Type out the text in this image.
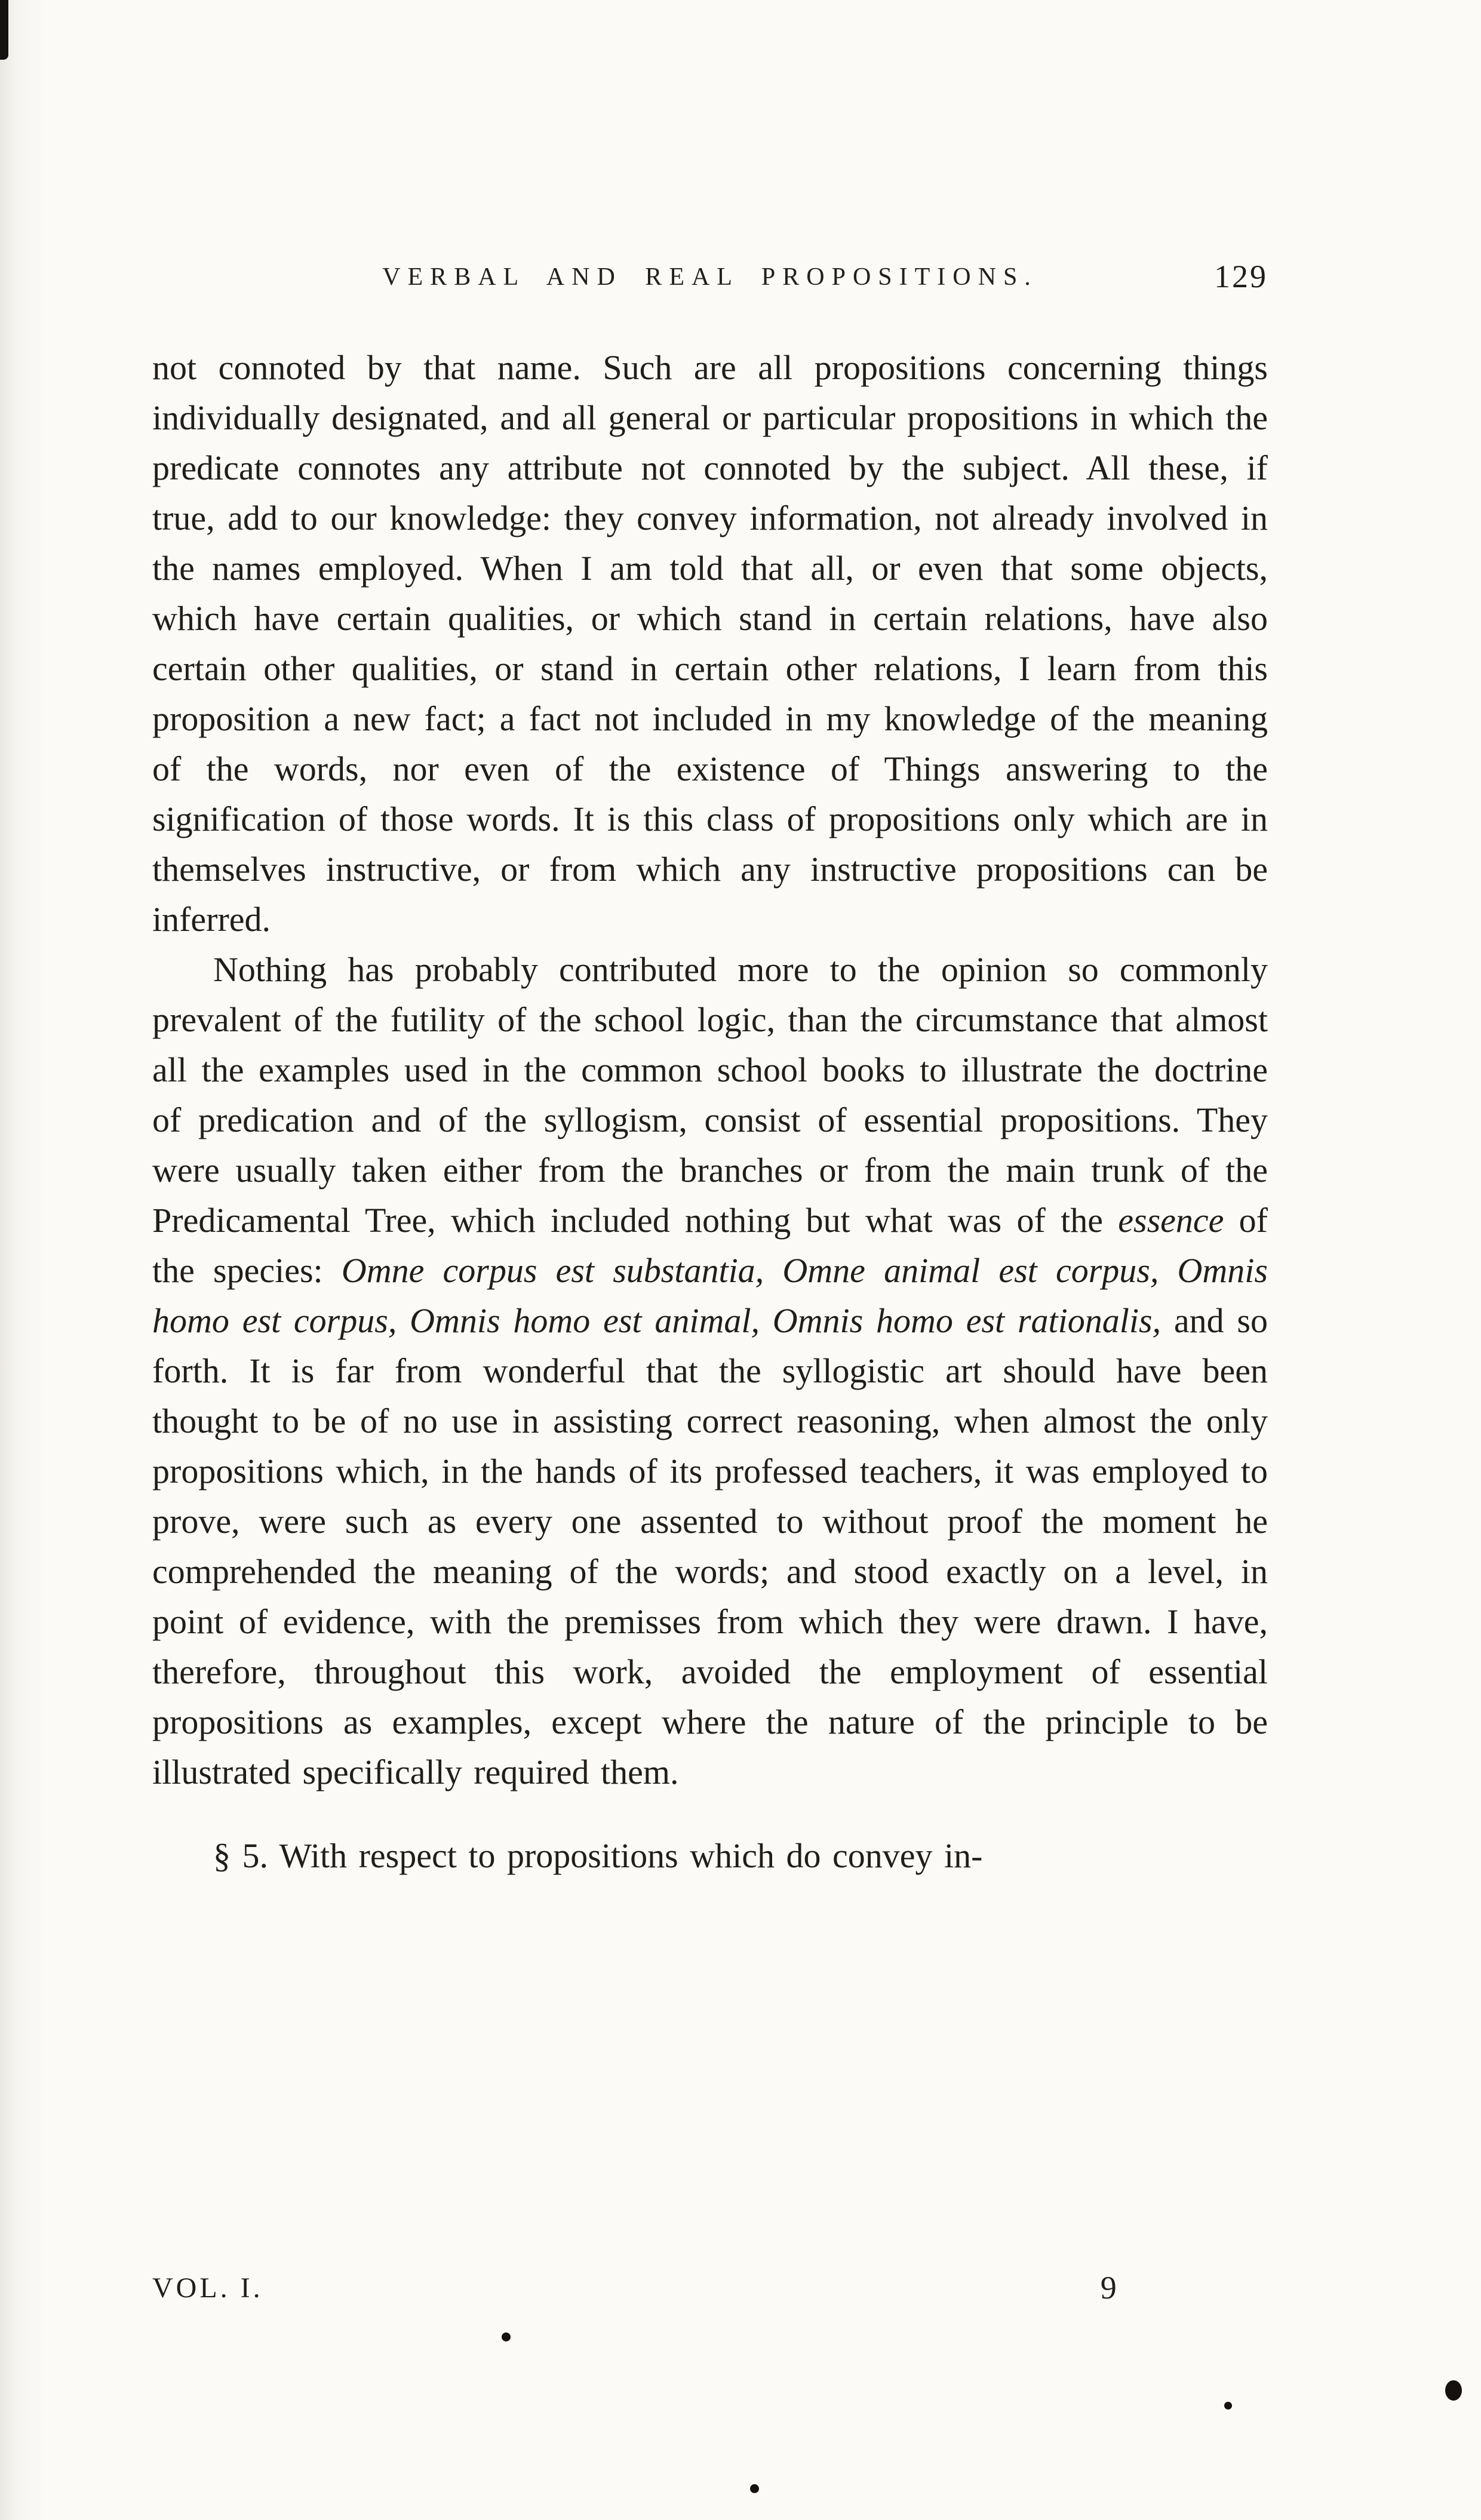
VERBAL AND REAL PROPOSITIONS.	129

not connoted by that name. Such are all propositions concerning things individually designated, and all general or particular propositions in which the predicate connotes any attribute not connoted by the subject. All these, if true, add to our knowledge: they convey information, not already involved in the names employed. When I am told that all, or even that some objects, which have certain qualities, or which stand in certain relations, have also certain other qualities, or stand in certain other relations, I learn from this proposition a new fact; a fact not included in my knowledge of the meaning of the words, nor even of the existence of Things answering to the signification of those words. It is this class of propositions only which are in themselves instructive, or from which any instructive propositions can be inferred.

Nothing has probably contributed more to the opinion so commonly prevalent of the futility of the school logic, than the circumstance that almost all the examples used in the common school books to illustrate the doctrine of predication and of the syllogism, consist of essential propositions. They were usually taken either from the branches or from the main trunk of the Predicamental Tree, which included nothing but what was of the essence of the species: Omne corpus est substantia, Omne animal est corpus, Omnis homo est corpus, Omnis homo est animal, Omnis homo est rationalis, and so forth. It is far from wonderful that the syllogistic art should have been thought to be of no use in assisting correct reasoning, when almost the only propositions which, in the hands of its professed teachers, it was employed to prove, were such as every one assented to without proof the moment he comprehended the meaning of the words; and stood exactly on a level, in point of evidence, with the premisses from which they were drawn. I have, therefore, throughout this work, avoided the employment of essential propositions as examples, except where the nature of the principle to be illustrated specifically required them.

§ 5. With respect to propositions which do convey in-

VOL. I.	9
